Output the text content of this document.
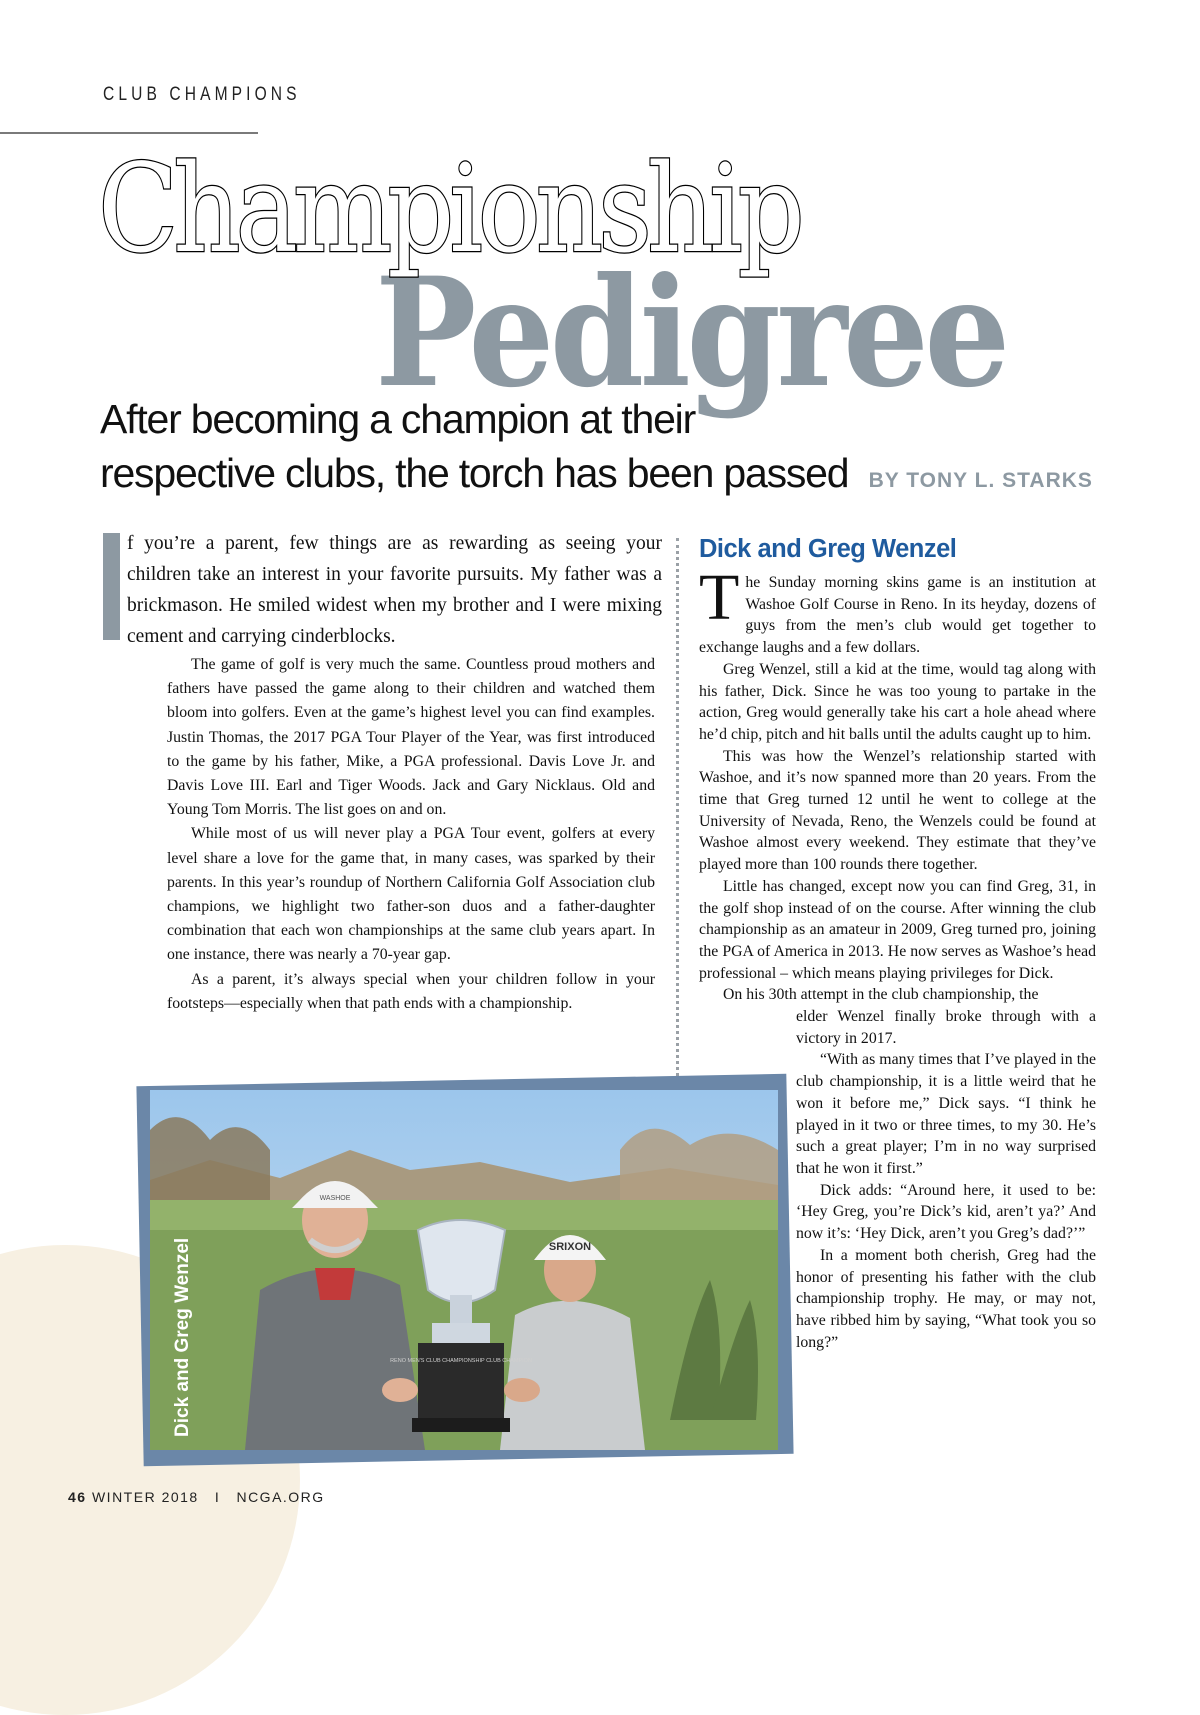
CLUB CHAMPIONS
Championship
Pedigree
After becoming a champion at their
respective clubs, the torch has been passed BY TONY L. STARKS
f you’re a parent, few things are as rewarding as seeing your children take an interest in your favorite pursuits. My father was a brickmason. He smiled widest when my brother and I were mixing cement and carrying cinderblocks.

The game of golf is very much the same. Countless proud mothers and fathers have passed the game along to their children and watched them bloom into golfers. Even at the game’s highest level you can find examples. Justin Thomas, the 2017 PGA Tour Player of the Year, was first introduced to the game by his father, Mike, a PGA professional. Davis Love Jr. and Davis Love III. Earl and Tiger Woods. Jack and Gary Nicklaus. Old and Young Tom Morris. The list goes on and on.

While most of us will never play a PGA Tour event, golfers at every level share a love for the game that, in many cases, was sparked by their parents. In this year’s roundup of Northern California Golf Association club champions, we highlight two father-son duos and a father-daughter combination that each won championships at the same club years apart. In one instance, there was nearly a 70-year gap.

As a parent, it’s always special when your children follow in your footsteps—especially when that path ends with a championship.

Dick and Greg Wenzel

The Sunday morning skins game is an institution at Washoe Golf Course in Reno. In its heyday, dozens of guys from the men’s club would get together to exchange laughs and a few dollars.

Greg Wenzel, still a kid at the time, would tag along with his father, Dick. Since he was too young to partake in the action, Greg would generally take his cart a hole ahead where he’d chip, pitch and hit balls until the adults caught up to him.

This was how the Wenzel’s relationship started with Washoe, and it’s now spanned more than 20 years. From the time that Greg turned 12 until he went to college at the University of Nevada, Reno, the Wenzels could be found at Washoe almost every weekend. They estimate that they’ve played more than 100 rounds there together.

Little has changed, except now you can find Greg, 31, in the golf shop instead of on the course. After winning the club championship as an amateur in 2009, Greg turned pro, joining the PGA of America in 2013. He now serves as Washoe’s head professional – which means playing privileges for Dick.

On his 30th attempt in the club championship, the

elder Wenzel finally broke through with a victory in 2017.

“With as many times that I’ve played in the club championship, it is a little weird that he won it before me,” Dick says. “I think he played in it two or three times, to my 30. He’s such a great player; I’m in no way surprised that he won it first.”

Dick adds: “Around here, it used to be: ‘Hey Greg, you’re Dick’s kid, aren’t ya?’ And now it’s: ‘Hey Dick, aren’t you Greg’s dad?’”

In a moment both cherish, Greg had the honor of presenting his father with the club championship trophy. He may, or may not, have ribbed him by saying, “What took you so long?”

SRIXON
WASHOE
RENO MEN'S CLUB CHAMPIONSHIP CLUB CHAMPION
Dick and Greg Wenzel
46 WINTER 2018 I NCGA.ORG
